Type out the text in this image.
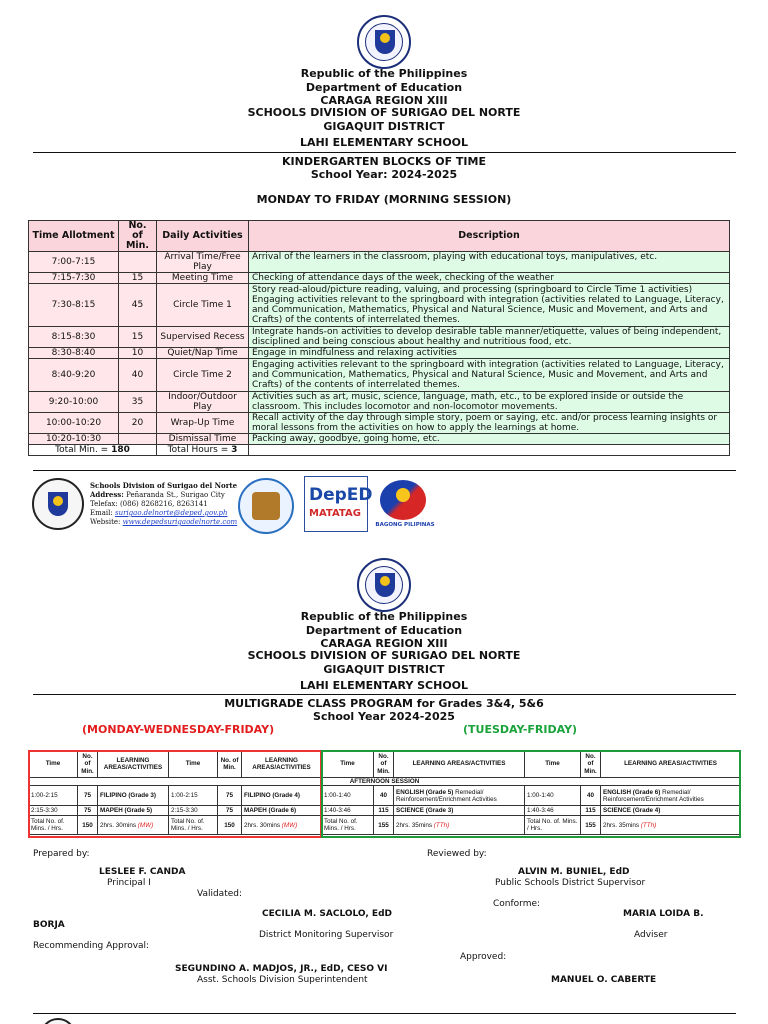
Republic of the Philippines
Department of Education
CARAGA REGION XIII
SCHOOLS DIVISION OF SURIGAO DEL NORTE
GIGAQUIT DISTRICT
LAHI ELEMENTARY SCHOOL
KINDERGARTEN BLOCKS OF TIME
School Year: 2024-2025
MONDAY TO FRIDAY (MORNING SESSION)
Time Allotment	No. of Min.	Daily Activities	Description
7:00-7:15		Arrival Time/Free Play	Arrival of the learners in the classroom, playing with educational toys, manipulatives, etc.
7:15-7:30	15	Meeting Time	Checking of attendance days of the week, checking of the weather
7:30-8:15	45	Circle Time 1	Story read-aloud/picture reading, valuing, and processing (springboard to Circle Time 1 activities) Engaging activities relevant to the springboard with integration (activities related to Language, Literacy, and Communication, Mathematics, Physical and Natural Science, Music and Movement, and Arts and Crafts) of the contents of interrelated themes.
8:15-8:30	15	Supervised Recess	Integrate hands-on activities to develop desirable table manner/etiquette, values of being independent, disciplined and being conscious about healthy and nutritious food, etc.
8:30-8:40	10	Quiet/Nap Time	Engage in mindfulness and relaxing activities
8:40-9:20	40	Circle Time 2	Engaging activities relevant to the springboard with integration (activities related to Language, Literacy, and Communication, Mathematics, Physical and Natural Science, Music and Movement, and Arts and Crafts) of the contents of interrelated themes.
9:20-10:00	35	Indoor/Outdoor Play	Activities such as art, music, science, language, math, etc., to be explored inside or outside the classroom. This includes locomotor and non-locomotor movements.
10:00-10:20	20	Wrap-Up Time	Recall activity of the day through simple story, poem or saying, etc. and/or process learning insights or moral lessons from the activities on how to apply the learnings at home.
10:20-10:30		Dismissal Time	Packing away, goodbye, going home, etc.
Total Min. = 180		Total Hours = 3	
Schools Division of Surigao del Norte
Address: Peñaranda St., Surigao City
Telefax: (086) 8268216, 8263141
Email: surigao.delnorte@deped.gov.ph
Website: www.depedsurigaodelnorte.com
DepED
MATATAG
BAGONG PILIPINAS
Republic of the Philippines
Department of Education
CARAGA REGION XIII
SCHOOLS DIVISION OF SURIGAO DEL NORTE
GIGAQUIT DISTRICT
LAHI ELEMENTARY SCHOOL
MULTIGRADE CLASS PROGRAM for Grades 3&4, 5&6
School Year 2024-2025
(MONDAY-WEDNESDAY-FRIDAY)	(TUESDAY-FRIDAY)
Time	No. of Min.	LEARNING AREAS/ACTIVITIES	Time	No. of Min.	LEARNING AREAS/ACTIVITIES	Time	No. of Min.	LEARNING AREAS/ACTIVITIES	Time	No. of Min.	LEARNING AREAS/ACTIVITIES
AFTERNOON SESSION											
1:00-2:15	75	FILIPINO (Grade 3)	1:00-2:15	75	FILIPINO (Grade 4)	1:00-1:40	40	ENGLISH (Grade 5) Remedial/ Reinforcement/Enrichment Activities	1:00-1:40	40	ENGLISH (Grade 6) Remedial/ Reinforcement/Enrichment Activities
2:15-3:30	75	MAPEH (Grade 5)	2:15-3:30	75	MAPEH (Grade 6)	1:40-3:46	115	SCIENCE (Grade 3)	1:40-3:46	115	SCIENCE (Grade 4)
Total No. of. Mins. / Hrs.	150	2hrs. 30mins (MW)	Total No. of. Mins. / Hrs.	150	2hrs. 30mins (MW)	Total No. of. Mins. / Hrs.	155	2hrs. 35mins (TTh)	Total No. of. Mins. / Hrs.	155	2hrs. 35mins (TTh)
Prepared by:
LESLEE F. CANDA
Principal I
Reviewed by:
ALVIN M. BUNIEL, EdD
Public Schools District Supervisor
Validated:
Conforme:
CECILIA M. SACLOLO, EdD	MARIA LOIDA B.
BORJA
District Monitoring Supervisor	Adviser
Recommending Approval:
Approved:
SEGUNDINO A. MADJOS, JR., EdD, CESO VI
Asst. Schools Division Superintendent	MANUEL O. CABERTE
